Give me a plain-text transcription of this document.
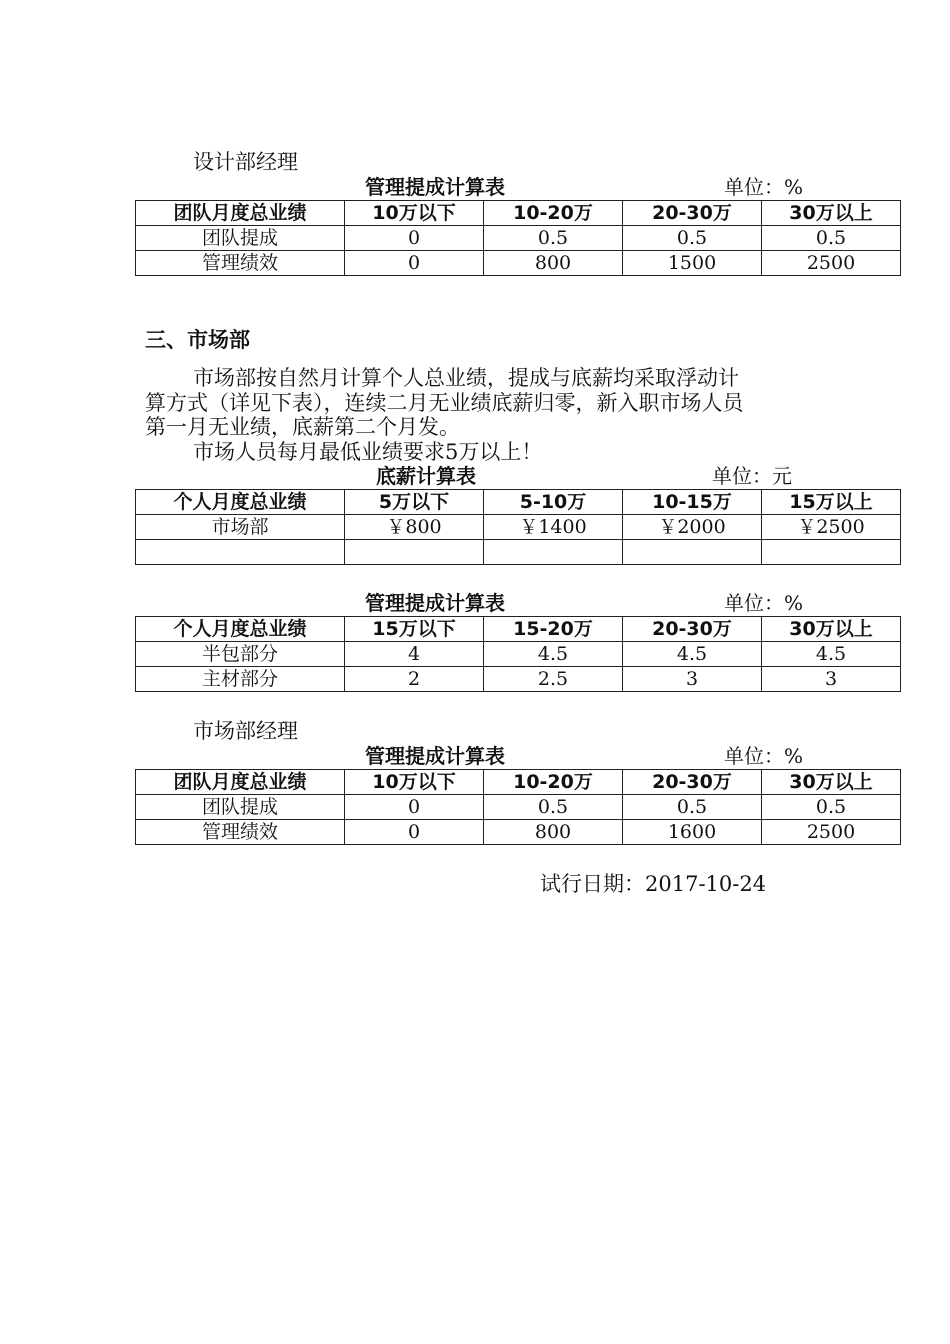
设计部经理
管理提成计算表	单位：%
团队月度总业绩	10万以下	10-20万	20-30万	30万以上
团队提成	0	0.5	0.5	0.5
管理绩效	0	800	1500	2500
三、市场部
市场部按自然月计算个人总业绩，提成与底薪均采取浮动计
算方式（详见下表），连续二月无业绩底薪归零，新入职市场人员
第一月无业绩，底薪第二个月发。
市场人员每月最低业绩要求5万以上！
底薪计算表	单位：元
个人月度总业绩	5万以下	5-10万	10-15万	15万以上
市场部	￥800	￥1400	￥2000	￥2500

管理提成计算表	单位：%
个人月度总业绩	15万以下	15-20万	20-30万	30万以上
半包部分	4	4.5	4.5	4.5
主材部分	2	2.5	3	3
市场部经理
管理提成计算表	单位：%
团队月度总业绩	10万以下	10-20万	20-30万	30万以上
团队提成	0	0.5	0.5	0.5
管理绩效	0	800	1600	2500
试行日期：2017-10-24
